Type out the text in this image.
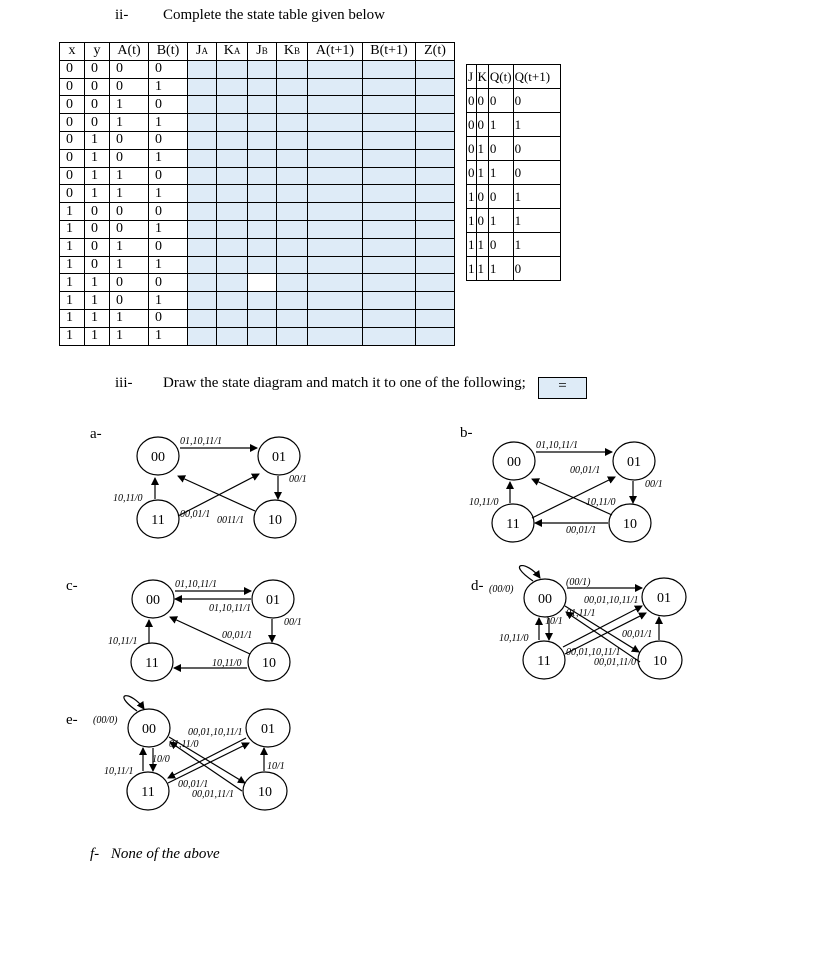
ii- Complete the state table given below
x	y	A(t)	B(t)	JA	KA	JB	KB	A(t+1)	B(t+1)	Z(t)
0	0	0	0							
0	0	0	1							
0	0	1	0							
0	0	1	1							
0	1	0	0							
0	1	0	1							
0	1	1	0							
0	1	1	1							
1	0	0	0							
1	0	0	1							
1	0	1	0							
1	0	1	1							
1	1	0	0							
1	1	0	1							
1	1	1	0							
1	1	1	1							
J	K	Q(t)	Q(t+1)
0	0	0	0
0	0	1	1
0	1	0	0
0	1	1	0
1	0	0	1
1	0	1	1
1	1	0	1
1	1	1	0
iii- Draw the state diagram and match it to one of the following;	=
a-	b-
c-	d-
e-
00	01
11	10
00	01
11	10
00	01
11	10
00	01
11	10
00	01
11	10
01,10,11/1
00/1
10,11/0
00,01/1
0011/1
01,10,11/1
00,01/1
00/1
10,11/0	10,11/0
00,01/1
01,10,11/1
01,10,11/1
00/1
00,01/1
10,11/1
10,11/0
(00/0)
(00/1)
00,01,10,11/1
01,11/1
10/1
10,11/0	00,01/1
00,01,10,11/1
00,01,11/0
(00/0)
00,01,10,11/1
01,11/0
10/0
10/1
10,11/1
00,01/1
00,01,11/1
f- None of the above
